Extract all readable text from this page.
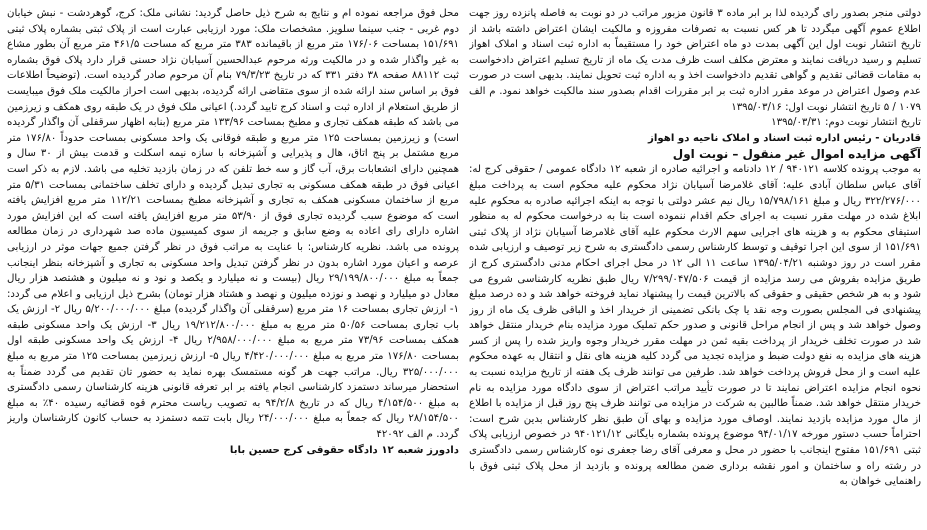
دولتی منجر بصدور رای گردیده لذا بر ابر ماده ۳ قانون مزبور مراتب در دو نوبت به فاصله پانزده روز جهت اطلاع عموم آگهی میگردد تا هر کس نسبت به تصرفات مفروزه و مالکیت ایشان اعتراض داشته باشد از تاریخ انتشار نوبت اول این آگهی بمدت دو ماه اعتراض خود را مستقیماً به اداره ثبت اسناد و املاک اهواز تسلیم و رسید دریافت نمایند و معترض مکلف است ظرف مدت یک ماه از تاریخ تسلیم اعتراض دادخواست به مقامات قضائی تقدیم و گواهی تقدیم دادخواست اخذ و به اداره ثبت تحویل نمایند. بدیهی است در صورت عدم وصول اعتراض در موعد مقرر اداره ثبت بر ابر مقررات اقدام بصدور سند مالکیت خواهد نمود. م الف ۱۰۷۹ / ۵ تاریخ انتشار نوبت اول: ۱۳۹۵/۰۳/۱۶

تاریخ انتشار نوبت دوم: ۱۳۹۵/۰۳/۳۱

قادریان - رئیس اداره ثبت اسناد و املاک ناحیه دو اهواز

آگهی مزایده اموال غیر منقول – نوبت اول

به موجب پرونده کلاسه ۹۴۰۱۲۱ / ۱۲ دادنامه و اجرائیه صادره از شعبه ۱۲ دادگاه عمومی / حقوقی کرج له: آقای عباس سلطان آبادی علیه: آقای غلامرضا آسیابان نژاد محکوم علیه محکوم است به پرداخت مبلغ ۳۲۲/۲۷۶/۰۰۰ ریال و مبلغ ۱۵/۷۹۸/۱۶۱ ریال نیم عشر دولتی با توجه به اینکه اجرائیه صادره به محکوم علیه ابلاغ شده در مهلت مقرر نسبت به اجرای حکم اقدام ننموده است بنا به درخواست محکوم له به منظور استیفای محکوم به و هزینه های اجرایی سهم الارث محکوم علیه آقای غلامرضا آسیابان نژاد از پلاک ثبتی ۱۵۱/۶۹۱ از سوی این اجرا توقیف و توسط کارشناس رسمی دادگستری به شرح زیر توصیف و ارزیابی شده مقرر است در روز دوشنبه ۱۳۹۵/۰۴/۲۱ ساعت ۱۱ الی ۱۲ در محل اجرای احکام مدنی دادگستری کرج از طریق مزایده بفروش می رسد مزایده از قیمت ۷/۲۹۹/۰۴۷/۵۰۶ ریال طبق نظریه کارشناسی شروع می شود و به هر شخص حقیقی و حقوقی که بالاترین قیمت را پیشنهاد نماید فروخته خواهد شد و ده درصد مبلغ پیشنهادی فی المجلس بصورت وجه نقد یا چک بانکی تضمینی از خریدار اخذ و الباقی ظرف یک ماه از روز وصول خواهد شد و پس از انجام مراحل قانونی و صدور حکم تملیک مورد مزایده بنام خریدار منتقل خواهد شد در صورت تخلف خریدار از پرداخت بقیه ثمن در مهلت مقرر خریدار وجوه واریز شده را پس از کسر هزینه های مزایده به نفع دولت ضبط و مزایده تجدید می گردد کلیه هزینه های نقل و انتقال به عهده محکوم علیه است و از محل فروش پرداخت خواهد شد. طرفین می توانند ظرف یک هفته از تاریخ مزایده نسبت به نحوه انجام مزایده اعتراض نمایند تا در صورت تأیید مراتب اعتراض از سوی دادگاه مورد مزایده به نام خریدار منتقل خواهد شد. ضمناً طالبین به شرکت در مزایده می توانند ظرف پنج روز قبل از مزایده با اطلاع از مال مورد مزایده بازدید نمایند. اوصاف مورد مزایده و بهای آن طبق نظر کارشناس بدین شرح است: احتراماً حسب دستور مورخه ۹۴/۰۱/۱۷ موضوع پرونده بشماره بایگانی ۹۴۰۱۲۱/۱۲ در خصوص ارزیابی پلاک ثبتی ۱۵۱/۶۹۱ مفتوح اینجانب با حضور در محل و معرفی آقای رضا جعفری نوه کارشناس رسمی دادگستری در رشته راه و ساختمان و امور نقشه برداری ضمن مطالعه پرونده و بازدید از محل پلاک ثبتی فوق با راهنمایی خواهان به

محل فوق مراجعه نموده ام و نتایج به شرح ذیل حاصل گردید: نشانی ملک: کرج، گوهردشت - نبش خیابان دوم غربی - جنب سینما سلویز. مشخصات ملک: مورد ارزیابی عبارت است از پلاک ثبتی بشماره پلاک ثبتی ۱۵۱/۶۹۱ بمساحت ۱۷۶/۰۶ متر مربع از باقیمانده ۳۸۳ متر مربع که مساحت ۴۶۱/۵ متر مربع آن بطور مشاع به غیر واگذار شده و در مالکیت ورثه مرحوم عبدالحسین آسیابان نژاد حسنی قرار دارد پلاک فوق بشماره ثبت ۸۸۱۱۲ صفحه ۳۸ دفتر ۳۳۱ که در تاریخ ۷۹/۳/۲۳ بنام آن مرحوم صادر گردیده است. (توضیحاً اطلاعات فوق بر اساس سند ارائه شده از سوی متقاضی ارائه گردیده، بدیهی است احراز مالکیت ملک فوق میبایست از طریق استعلام از اداره ثبت و اسناد کرج تایید گردد.) اعیانی ملک فوق در یک طبقه روی همکف و زیرزمین می باشد که طبقه همکف تجاری و مطبخ بمساحت ۱۳۳/۹۶ متر مربع (بنابه اظهار سرقفلی آن واگذار گردیده است) و زیرزمین بمساحت ۱۲۵ متر مربع و طبقه فوقانی یک واحد مسکونی بمساحت حدوداً ۱۷۶/۸۰ متر مربع مشتمل بر پنج اتاق، هال و پذیرایی و آشپزخانه با سازه نیمه اسکلت و قدمت بیش از ۳۰ سال و همچنین دارای انشعابات برق، آب گاز و سه خط تلفن که در زمان بازدید تخلیه می باشد. لازم به ذکر است اعیانی فوق در طبقه همکف مسکونی به تجاری تبدیل گردیده و دارای تخلف ساختمانی بمساحت ۵/۳۱ متر مربع از ساختمان مسکونی همکف به تجاری و آشپزخانه مطبخ بمساحت ۱۱۲/۲۱ متر مربع افزایش یافته است که موضوع سبب گردیده تجاری فوق از ۵۳/۹۰ متر مربع افزایش یافته است که این افزایش مورد اشاره دارای رای اعاده به وضع سابق و جریمه از سوی کمیسیون ماده صد شهرداری در زمان مطالعه پرونده می باشد. نظریه کارشناس: با عنایت به مراتب فوق در نظر گرفتن جمیع جهات موثر در ارزیابی عرصه و اعیان مورد اشاره بدون در نظر گرفتن تبدیل واحد مسکونی به تجاری و آشپزخانه بنظر اینجانب جمعاً به مبلغ ۲۹/۱۹۹/۸۰۰/۰۰۰ ریال (بیست و نه میلیارد و یکصد و نود و نه میلیون و هشتصد هزار ریال معادل دو میلیارد و نهصد و نوزده میلیون و نهصد و هشتاد هزار تومان) بشرح ذیل ارزیابی و اعلام می گردد: ۱- ارزش تجاری بمساحت ۱۶ متر مربع (سرقفلی آن واگذار گردیده) مبلغ ۵/۲۰۰/۰۰۰/۰۰۰ ریال ۲- ارزش یک باب تجاری بمساحت ۵۰/۵۶ متر مربع به مبلغ ۱۹/۲۱۲/۸۰۰/۰۰۰ ریال ۳- ارزش یک واحد مسکونی طبقه همکف بمساحت ۷۳/۹۶ متر مربع به مبلغ ۲/۹۵۸/۰۰۰/۰۰۰ ریال ۴- ارزش یک واحد مسکونی طبقه اول بمساحت ۱۷۶/۸۰ متر مربع به مبلغ ۴/۴۲۰/۰۰۰/۰۰۰ ریال ۵- ارزش زیرزمین بمساحت ۱۲۵ متر مربع به مبلغ ۳۲۵/۰۰۰/۰۰۰ ریال. مراتب جهت هر گونه مستمسک بهره نماید به حضور تان تقدیم می گردد ضمناً به استحضار میرساند دستمزد کارشناسی انجام یافته بر ابر تعرفه قانونی هزینه کارشناسان رسمی دادگستری به مبلغ ۴/۱۵۴/۵۰۰ ریال که در تاریخ ۹۴/۲/۸ به تصویب ریاست محترم قوه قضائیه رسیده ۴۰٪ به مبلغ ۲۸/۱۵۴/۵۰۰ ریال که جمعاً به مبلغ ۲۴/۰۰۰/۰۰۰ ریال بابت تتمه دستمزد به حساب کانون کارشناسان واریز گردد. م الف ۴۲۰۹۲

دادورز شعبه ۱۲ دادگاه حقوقی کرج حسین بابا
